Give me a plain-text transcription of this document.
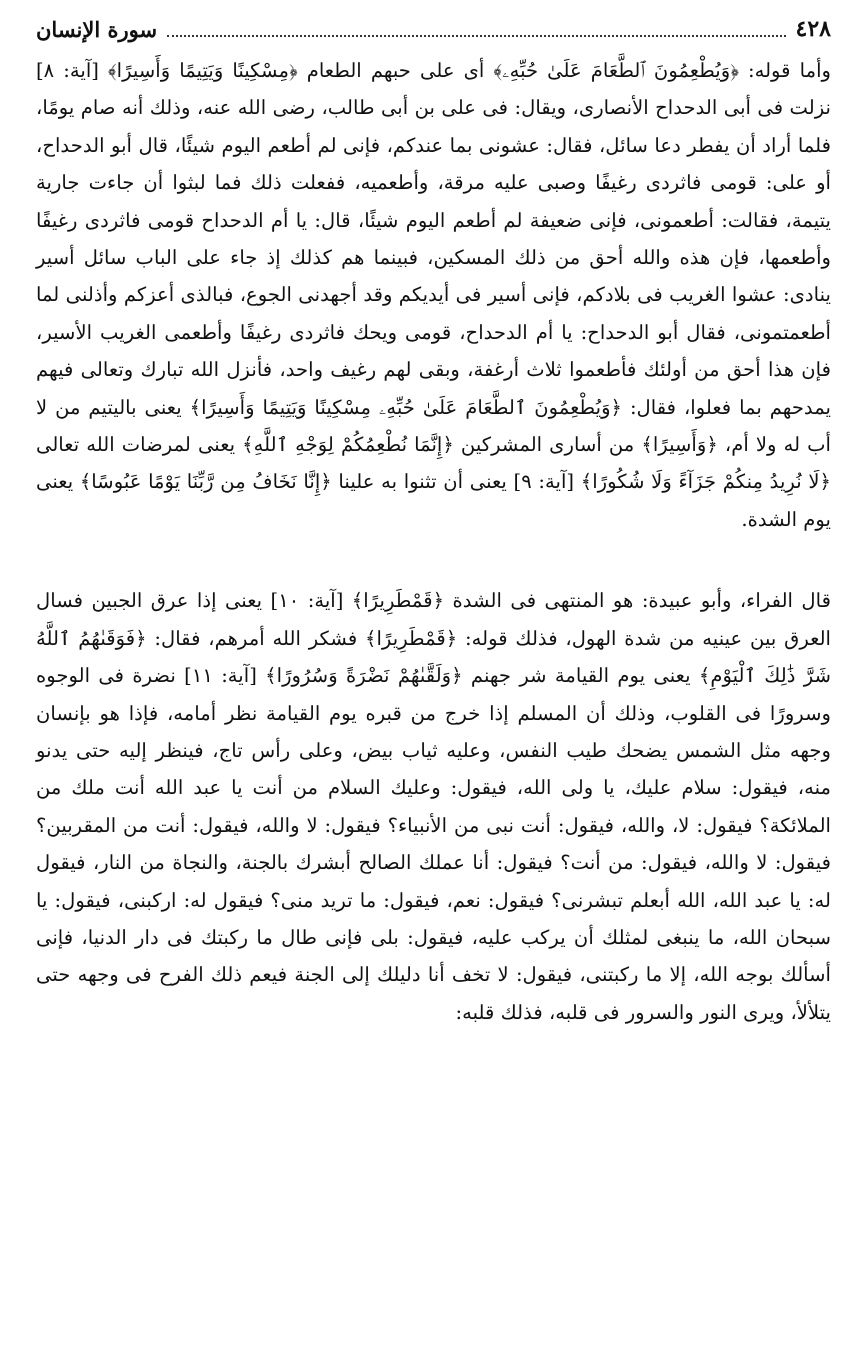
٤٢٨
سورة الإنسان

وأما قوله: ﴿وَيُطْعِمُونَ ٱلطَّعَامَ عَلَىٰ حُبِّهِۦ﴾ أى على حبهم الطعام ﴿مِسْكِينًا وَيَتِيمًا وَأَسِيرًا﴾ [آية: ٨] نزلت فى أبى الدحداح الأنصارى، ويقال: فى على بن أبى طالب، رضى الله عنه، وذلك أنه صام يومًا، فلما أراد أن يفطر دعا سائل، فقال: عشونى بما عندكم، فإنى لم أطعم اليوم شيئًا، قال أبو الدحداح، أو على: قومى فاثردى رغيفًا وصبى عليه مرقة، وأطعميه، ففعلت ذلك فما لبثوا أن جاءت جارية يتيمة، فقالت: أطعمونى، فإنى ضعيفة لم أطعم اليوم شيئًا، قال: يا أم الدحداح قومى فاثردى رغيفًا وأطعمها، فإن هذه والله أحق من ذلك المسكين، فبينما هم كذلك إذ جاء على الباب سائل أسير ينادى: عشوا الغريب فى بلادكم، فإنى أسير فى أيديكم وقد أجهدنى الجوع، فبالذى أعزكم وأذلنى لما أطعمتمونى، فقال أبو الدحداح: يا أم الدحداح، قومى ويحك فاثردى رغيفًا وأطعمى الغريب الأسير، فإن هذا أحق من أولئك فأطعموا ثلاث أرغفة، وبقى لهم رغيف واحد، فأنزل الله تبارك وتعالى فيهم يمدحهم بما فعلوا، فقال: ﴿وَيُطْعِمُونَ ٱلطَّعَامَ عَلَىٰ حُبِّهِۦ مِسْكِينًا وَيَتِيمًا وَأَسِيرًا﴾ يعنى باليتيم من لا أب له ولا أم، ﴿وَأَسِيرًا﴾ من أسارى المشركين ﴿إِنَّمَا نُطْعِمُكُمْ لِوَجْهِ ٱللَّهِ﴾ يعنى لمرضات الله تعالى ﴿لَا نُرِيدُ مِنكُمْ جَزَآءً وَلَا شُكُورًا﴾ [آية: ٩] يعنى أن تثنوا به علينا ﴿إِنَّا نَخَافُ مِن رَّبِّنَا يَوْمًا عَبُوسًا﴾ يعنى يوم الشدة.

قال الفراء، وأبو عبيدة: هو المنتهى فى الشدة ﴿قَمْطَرِيرًا﴾ [آية: ١٠] يعنى إذا عرق الجبين فسال العرق بين عينيه من شدة الهول، فذلك قوله: ﴿قَمْطَرِيرًا﴾ فشكر الله أمرهم، فقال: ﴿فَوَقَىٰهُمُ ٱللَّهُ شَرَّ ذَٰلِكَ ٱلْيَوْمِ﴾ يعنى يوم القيامة شر جهنم ﴿وَلَقَّىٰهُمْ نَضْرَةً وَسُرُورًا﴾ [آية: ١١] نضرة فى الوجوه وسرورًا فى القلوب، وذلك أن المسلم إذا خرج من قبره يوم القيامة نظر أمامه، فإذا هو بإنسان وجهه مثل الشمس يضحك طيب النفس، وعليه ثياب بيض، وعلى رأس تاج، فينظر إليه حتى يدنو منه، فيقول: سلام عليك، يا ولى الله، فيقول: وعليك السلام من أنت يا عبد الله أنت ملك من الملائكة؟ فيقول: لا، والله، فيقول: أنت نبى من الأنبياء؟ فيقول: لا والله، فيقول: أنت من المقربين؟ فيقول: لا والله، فيقول: من أنت؟ فيقول: أنا عملك الصالح أبشرك بالجنة، والنجاة من النار، فيقول له: يا عبد الله، الله أبعلم تبشرنى؟ فيقول: نعم، فيقول: ما تريد منى؟ فيقول له: اركبنى، فيقول: يا سبحان الله، ما ينبغى لمثلك أن يركب عليه، فيقول: بلى فإنى طال ما ركبتك فى دار الدنيا، فإنى أسألك بوجه الله، إلا ما ركبتنى، فيقول: لا تخف أنا دليلك إلى الجنة فيعم ذلك الفرح فى وجهه حتى يتلألأ، ويرى النور والسرور فى قلبه، فذلك قلبه:
